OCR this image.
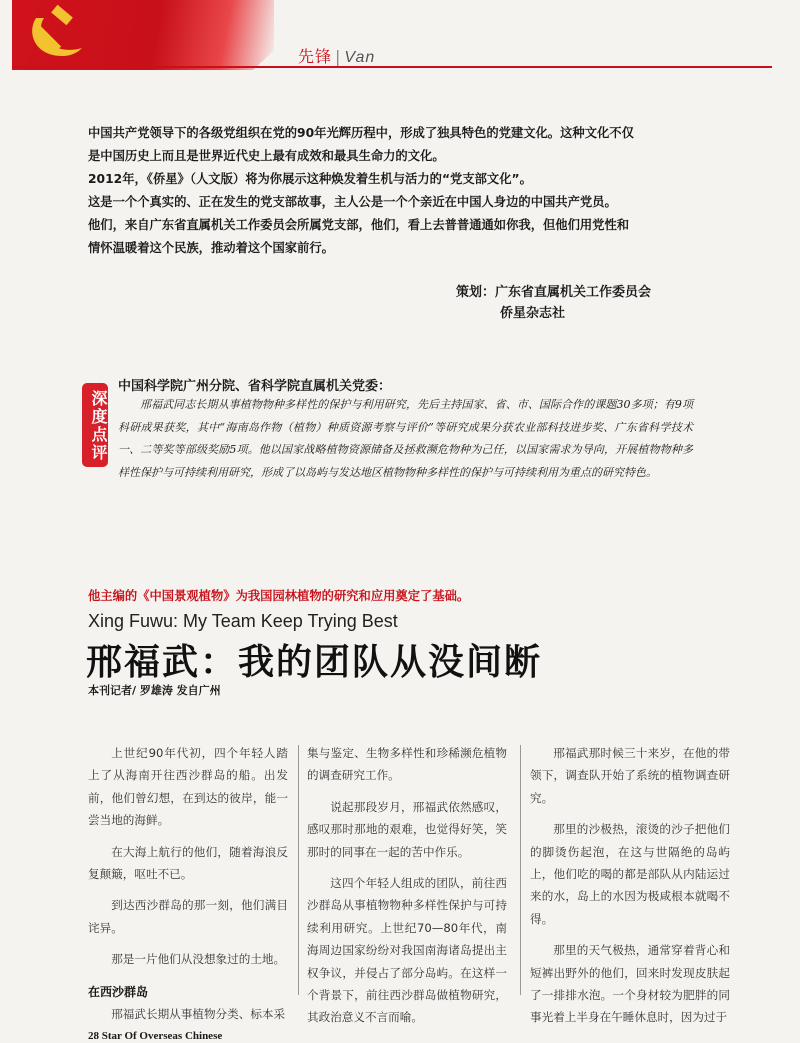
先锋 | Van

中国共产党领导下的各级党组织在党的90年光辉历程中，形成了独具特色的党建文化。这种文化不仅

是中国历史上而且是世界近代史上最有成效和最具生命力的文化。

2012年，《侨星》（人文版）将为你展示这种焕发着生机与活力的“党支部文化”。

这是一个个真实的、正在发生的党支部故事，主人公是一个个亲近在中国人身边的中国共产党员。

他们，来自广东省直属机关工作委员会所属党支部，他们，看上去普普通通如你我，但他们用党性和

情怀温暖着这个民族，推动着这个国家前行。

策划：广东省直属机关工作委员会
侨星杂志社
深度点评
中国科学院广州分院、省科学院直属机关党委：
邢福武同志长期从事植物物种多样性的保护与利用研究，先后主持国家、省、市、国际合作的课题30多项；有9项科研成果获奖，其中“海南岛作物（植物）种质资源考察与评价”等研究成果分获农业部科技进步奖、广东省科学技术一、二等奖等部级奖励5项。他以国家战略植物资源储备及拯救濒危物种为己任，以国家需求为导向，开展植物物种多样性保护与可持续利用研究，形成了以岛屿与发达地区植物物种多样性的保护与可持续利用为重点的研究特色。
他主编的《中国景观植物》为我国园林植物的研究和应用奠定了基础。
Xing Fuwu: My Team Keep Trying Best
邢福武：我的团队从没间断
本刊记者/ 罗雄涛 发自广州

上世纪90年代初，四个年轻人踏上了从海南开往西沙群岛的船。出发前，他们曾幻想，在到达的彼岸，能一尝当地的海鲜。

在大海上航行的他们，随着海浪反复颠簸，呕吐不已。

到达西沙群岛的那一刻，他们满目诧异。

那是一片他们从没想象过的土地。

在西沙群岛

邢福武长期从事植物分类、标本采

集与鉴定、生物多样性和珍稀濒危植物的调查研究工作。

说起那段岁月，邢福武依然感叹，感叹那时那地的艰难，也觉得好笑，笑那时的同事在一起的苦中作乐。

这四个年轻人组成的团队，前往西沙群岛从事植物物种多样性保护与可持续利用研究。上世纪70—80年代，南海周边国家纷纷对我国南海诸岛提出主权争议，并侵占了部分岛屿。在这样一个背景下，前往西沙群岛做植物研究，其政治意义不言而喻。

邢福武那时候三十来岁，在他的带领下，调查队开始了系统的植物调查研究。

那里的沙极热，滚烫的沙子把他们的脚烫伤起泡，在这与世隔绝的岛屿上，他们吃的喝的都是部队从内陆运过来的水，岛上的水因为极咸根本就喝不得。

那里的天气极热，通常穿着背心和短裤出野外的他们，回来时发现皮肤起了一排排水泡。一个身材较为肥胖的同事光着上半身在午睡休息时，因为过于

28 Star Of Overseas Chinese
